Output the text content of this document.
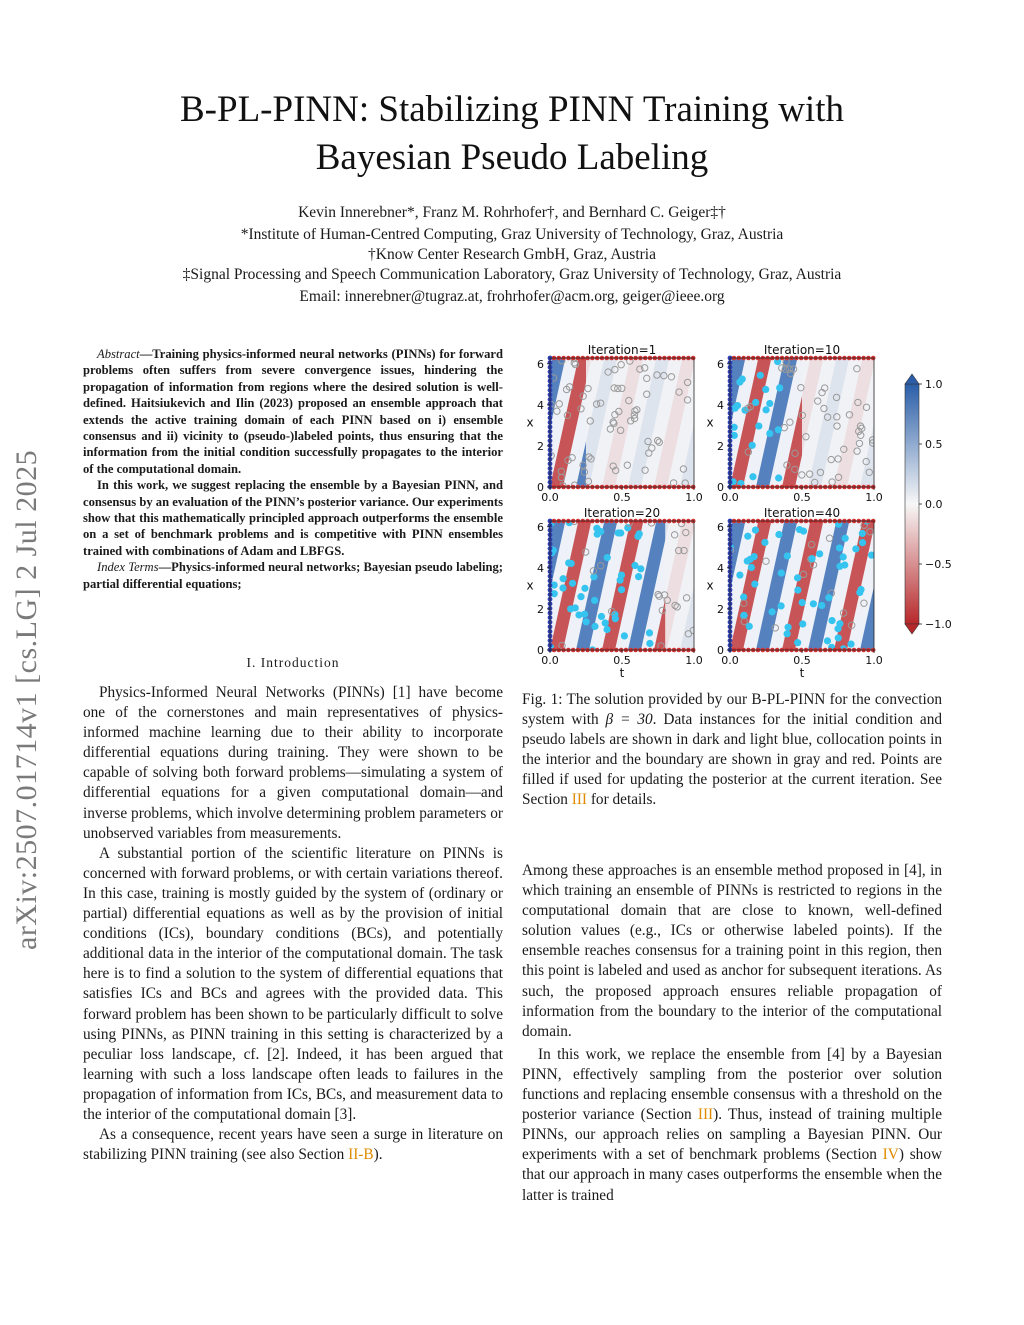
arXiv:2507.01714v1 [cs.LG] 2 Jul 2025
B-PL-PINN: Stabilizing PINN Training with
Bayesian Pseudo Labeling
Kevin Innerebner*, Franz M. Rohrhofer†, and Bernhard C. Geiger‡†
*Institute of Human-Centred Computing, Graz University of Technology, Graz, Austria
†Know Center Research GmbH, Graz, Austria
‡Signal Processing and Speech Communication Laboratory, Graz University of Technology, Graz, Austria
Email: innerebner@tugraz.at, frohrhofer@acm.org, geiger@ieee.org

Abstract—Training physics-informed neural networks (PINNs) for forward problems often suffers from severe convergence issues, hindering the propagation of information from regions where the desired solution is well-defined. Haitsiukevich and Ilin (2023) proposed an ensemble approach that extends the active training domain of each PINN based on i) ensemble consensus and ii) vicinity to (pseudo-)labeled points, thus ensuring that the information from the initial condition successfully propagates to the interior of the computational domain.

In this work, we suggest replacing the ensemble by a Bayesian PINN, and consensus by an evaluation of the PINN’s posterior variance. Our experiments show that this mathematically principled approach outperforms the ensemble on a set of benchmark problems and is competitive with PINN ensembles trained with combinations of Adam and LBFGS.

Index Terms—Physics-informed neural networks; Bayesian pseudo labeling; partial differential equations;

I. Introduction

Physics-Informed Neural Networks (PINNs) [1] have become one of the cornerstones and main representatives of physics-informed machine learning due to their ability to incorporate differential equations during training. They were shown to be capable of solving both forward problems—simulating a system of differential equations for a given computational domain—and inverse problems, which involve determining problem parameters or unobserved variables from measurements.

A substantial portion of the scientific literature on PINNs is concerned with forward problems, or with certain variations thereof. In this case, training is mostly guided by the system of (ordinary or partial) differential equations as well as by the provision of initial conditions (ICs), boundary conditions (BCs), and potentially additional data in the interior of the computational domain. The task here is to find a solution to the system of differential equations that satisfies ICs and BCs and agrees with the provided data. This forward problem has been shown to be particularly difficult to solve using PINNs, as PINN training in this setting is characterized by a peculiar loss landscape, cf. [2]. Indeed, it has been argued that learning with such a loss landscape often leads to failures in the propagation of information from ICs, BCs, and measurement data to the interior of the computational domain [3].

As a consequence, recent years have seen a surge in literature on stabilizing PINN training (see also Section II-B).

Iteration=1
0.0	0.5	1.0
0
2
4
6
x
Iteration=10
0.0	0.5	1.0
0
2
4
6
x
Iteration=20
0.0	0.5	1.0
0
2
4
6
x
t
Iteration=40
0.0	0.5	1.0
0
2
4
6
x
t
1.0
0.5
0.0
−0.5
−1.0
Fig. 1: The solution provided by our B-PL-PINN for the convection system with β = 30. Data instances for the initial condition and pseudo labels are shown in dark and light blue, collocation points in the interior and the boundary are shown in gray and red. Points are filled if used for updating the posterior at the current iteration. See Section III for details.

Among these approaches is an ensemble method proposed in [4], in which training an ensemble of PINNs is restricted to regions in the computational domain that are close to known, well-defined solution values (e.g., ICs or otherwise labeled points). If the ensemble reaches consensus for a training point in this region, then this point is labeled and used as anchor for subsequent iterations. As such, the proposed approach ensures reliable propagation of information from the boundary to the interior of the computational domain.

In this work, we replace the ensemble from [4] by a Bayesian PINN, effectively sampling from the posterior over solution functions and replacing ensemble consensus with a threshold on the posterior variance (Section III). Thus, instead of training multiple PINNs, our approach relies on sampling a Bayesian PINN. Our experiments with a set of benchmark problems (Section IV) show that our approach in many cases outperforms the ensemble when the latter is trained
